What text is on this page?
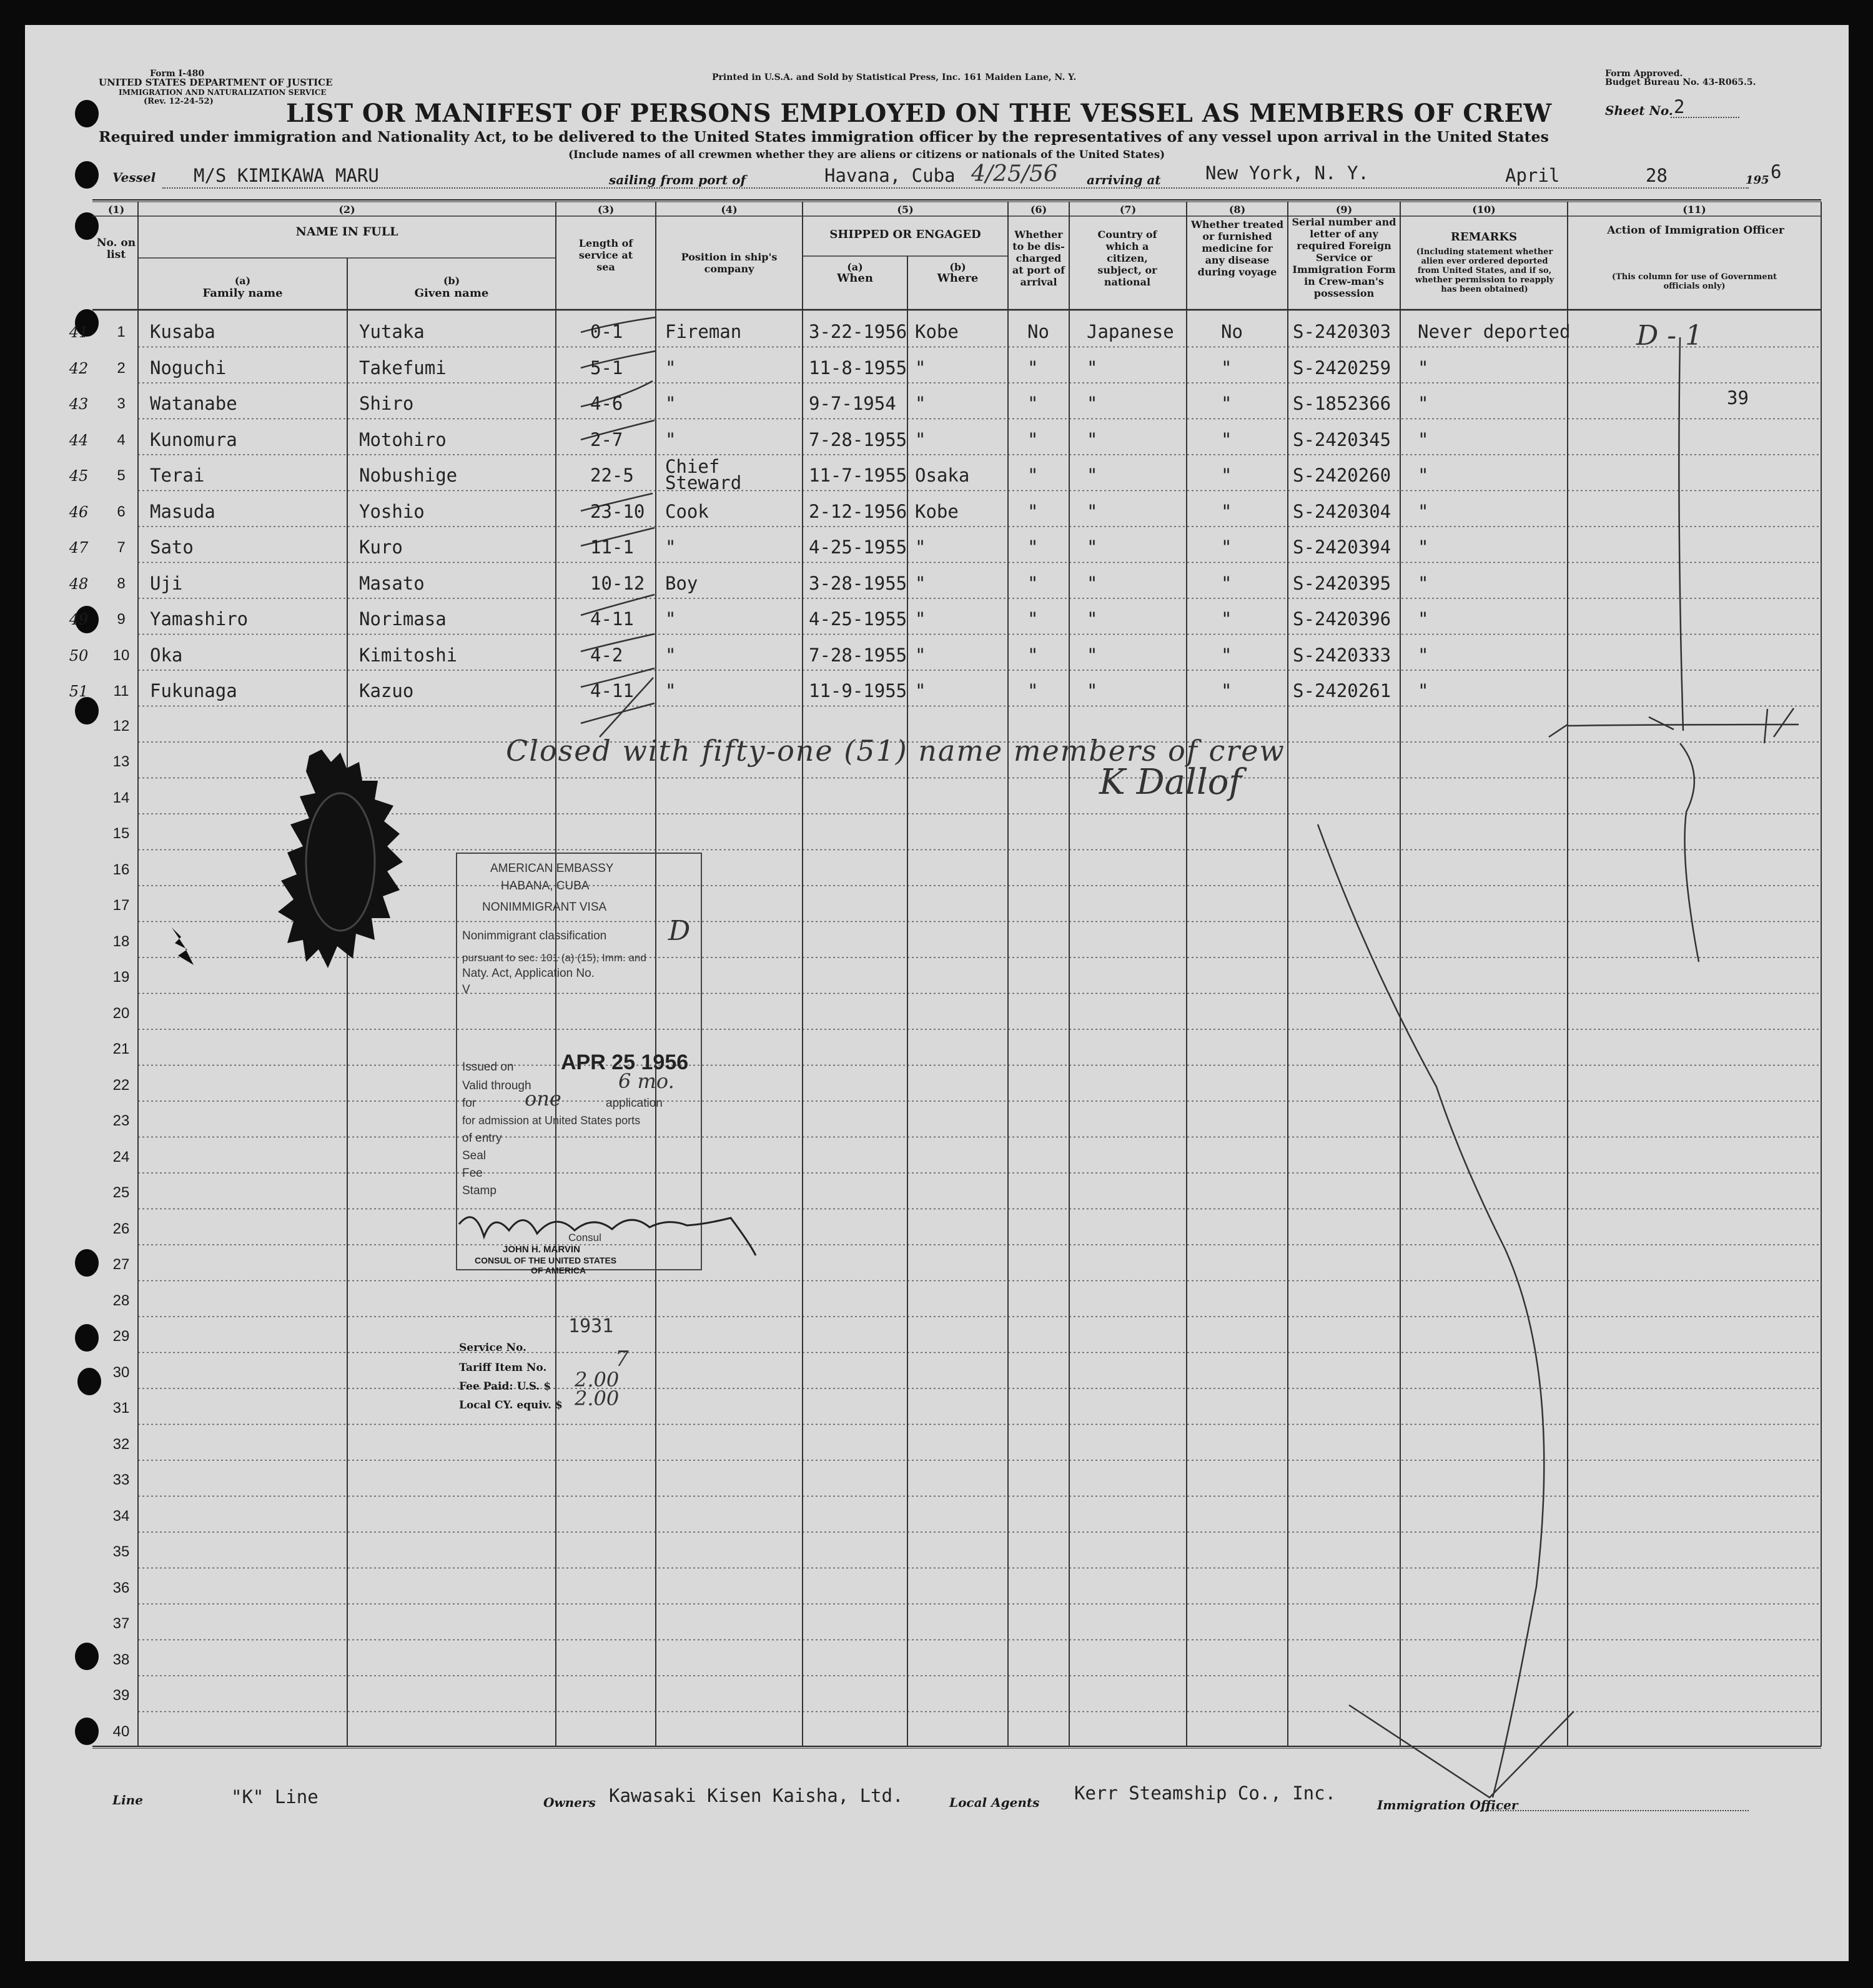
Form I-480
UNITED STATES DEPARTMENT OF JUSTICE
IMMIGRATION AND NATURALIZATION SERVICE
(Rev. 12-24-52)
Printed in U.S.A. and Sold by Statistical Press, Inc. 161 Maiden Lane, N. Y.	Form Approved.
Budget Bureau No. 43-R065.5.
LIST OR MANIFEST OF PERSONS EMPLOYED ON THE VESSEL AS MEMBERS OF CREW	Sheet No. 2
Required under immigration and Nationality Act, to be delivered to the United States immigration officer by the representatives of any vessel upon arrival in the United States
(Include names of all crewmen whether they are aliens or citizens or nationals of the United States)
Vessel M/S KIMIKAWA MARU	sailing from port of	Havana, Cuba 4/25/56 arriving at New York, N. Y.	April	28	195 6
(1)
No. on list
(2)
NAME IN FULL
(a)
Family name
(b)
Given name
(3)
Length of service at sea
(4)
Position in ship's company
(5)
SHIPPED OR ENGAGED
(a)
When
(b)
Where
(6)
Whether to be dis-charged at port of arrival
(7)
Country of which a citizen, subject, or national
(8)
Whether treated or furnished medicine for any disease during voyage
(9)
Serial number and letter of any required Foreign Service or Immigration Form in Crew-man's possession
(10)
REMARKS
(Including statement whether alien ever ordered deported from United States, and if so, whether permission to reapply has been obtained)
(11)
Action of Immigration Officer
(This column for use of Government officials only)
41	1	Kusaba	Yutaka	0-1 Fireman	3-22-1956 Kobe	No Japanese	No	S-2420303 Never deported
42	2	Noguchi	Takefumi	5-1 "	11-8-1955 "	"	"	"	S-2420259 "
43	3	Watanabe	Shiro	4-6 "	9-7-1954 "	"	"	"	S-1852366 "
44	4	Kunomura	Motohiro	2-7 "	7-28-1955 "	"	"	"	S-2420345 "
45	5	Terai	Nobushige	22-5 Chief
Steward	11-7-1955 Osaka	"	"	"	S-2420260 "
46	6	Masuda	Yoshio	23-10 Cook	2-12-1956 Kobe	"	"	"	S-2420304 "
47	7	Sato	Kuro	11-1 "	4-25-1955 "	"	"	"	S-2420394 "
48	8	Uji	Masato	10-12 Boy	3-28-1955 "	"	"	"	S-2420395 "
49	9	Yamashiro	Norimasa	4-11 "	4-25-1955 "	"	"	"	S-2420396 "
50	10 Oka	Kimitoshi	4-2 "	7-28-1955 "	"	"	"	S-2420333 "
51	11	Fukunaga	Kazuo	4-11 "	11-9-1955 "	"	"	"	S-2420261 "
12
13
14
15
16
17
18
19
20
21
22
23
24
25
26
27
28
29
30
31
32
33
34
35
36
37
38
39
40
D - 1
39
Closed with fifty-one (51) name members of crew
K Dallof
AMERICAN EMBASSY
HABANA, CUBA
NONIMMIGRANT VISA
Nonimmigrant classification D
pursuant to sec. 101 (a) (15), Imm. and
Naty. Act, Application No.
V
Issued on APR 25 1956
Valid through	6 mo.
for one	application
for admission at United States ports
of entry
Seal
Fee
Stamp
Consul
JOHN H. MARVIN
CONSUL OF THE UNITED STATES
OF AMERICA
1931
Service No.
Tariff Item No.	7
Fee Paid: U.S. $ 2.00
Local CY. equiv. $ 2.00
Line	"K" Line	Owners Kawasaki Kisen Kaisha, Ltd.	Local Agents Kerr Steamship Co., Inc.
Immigration Officer
